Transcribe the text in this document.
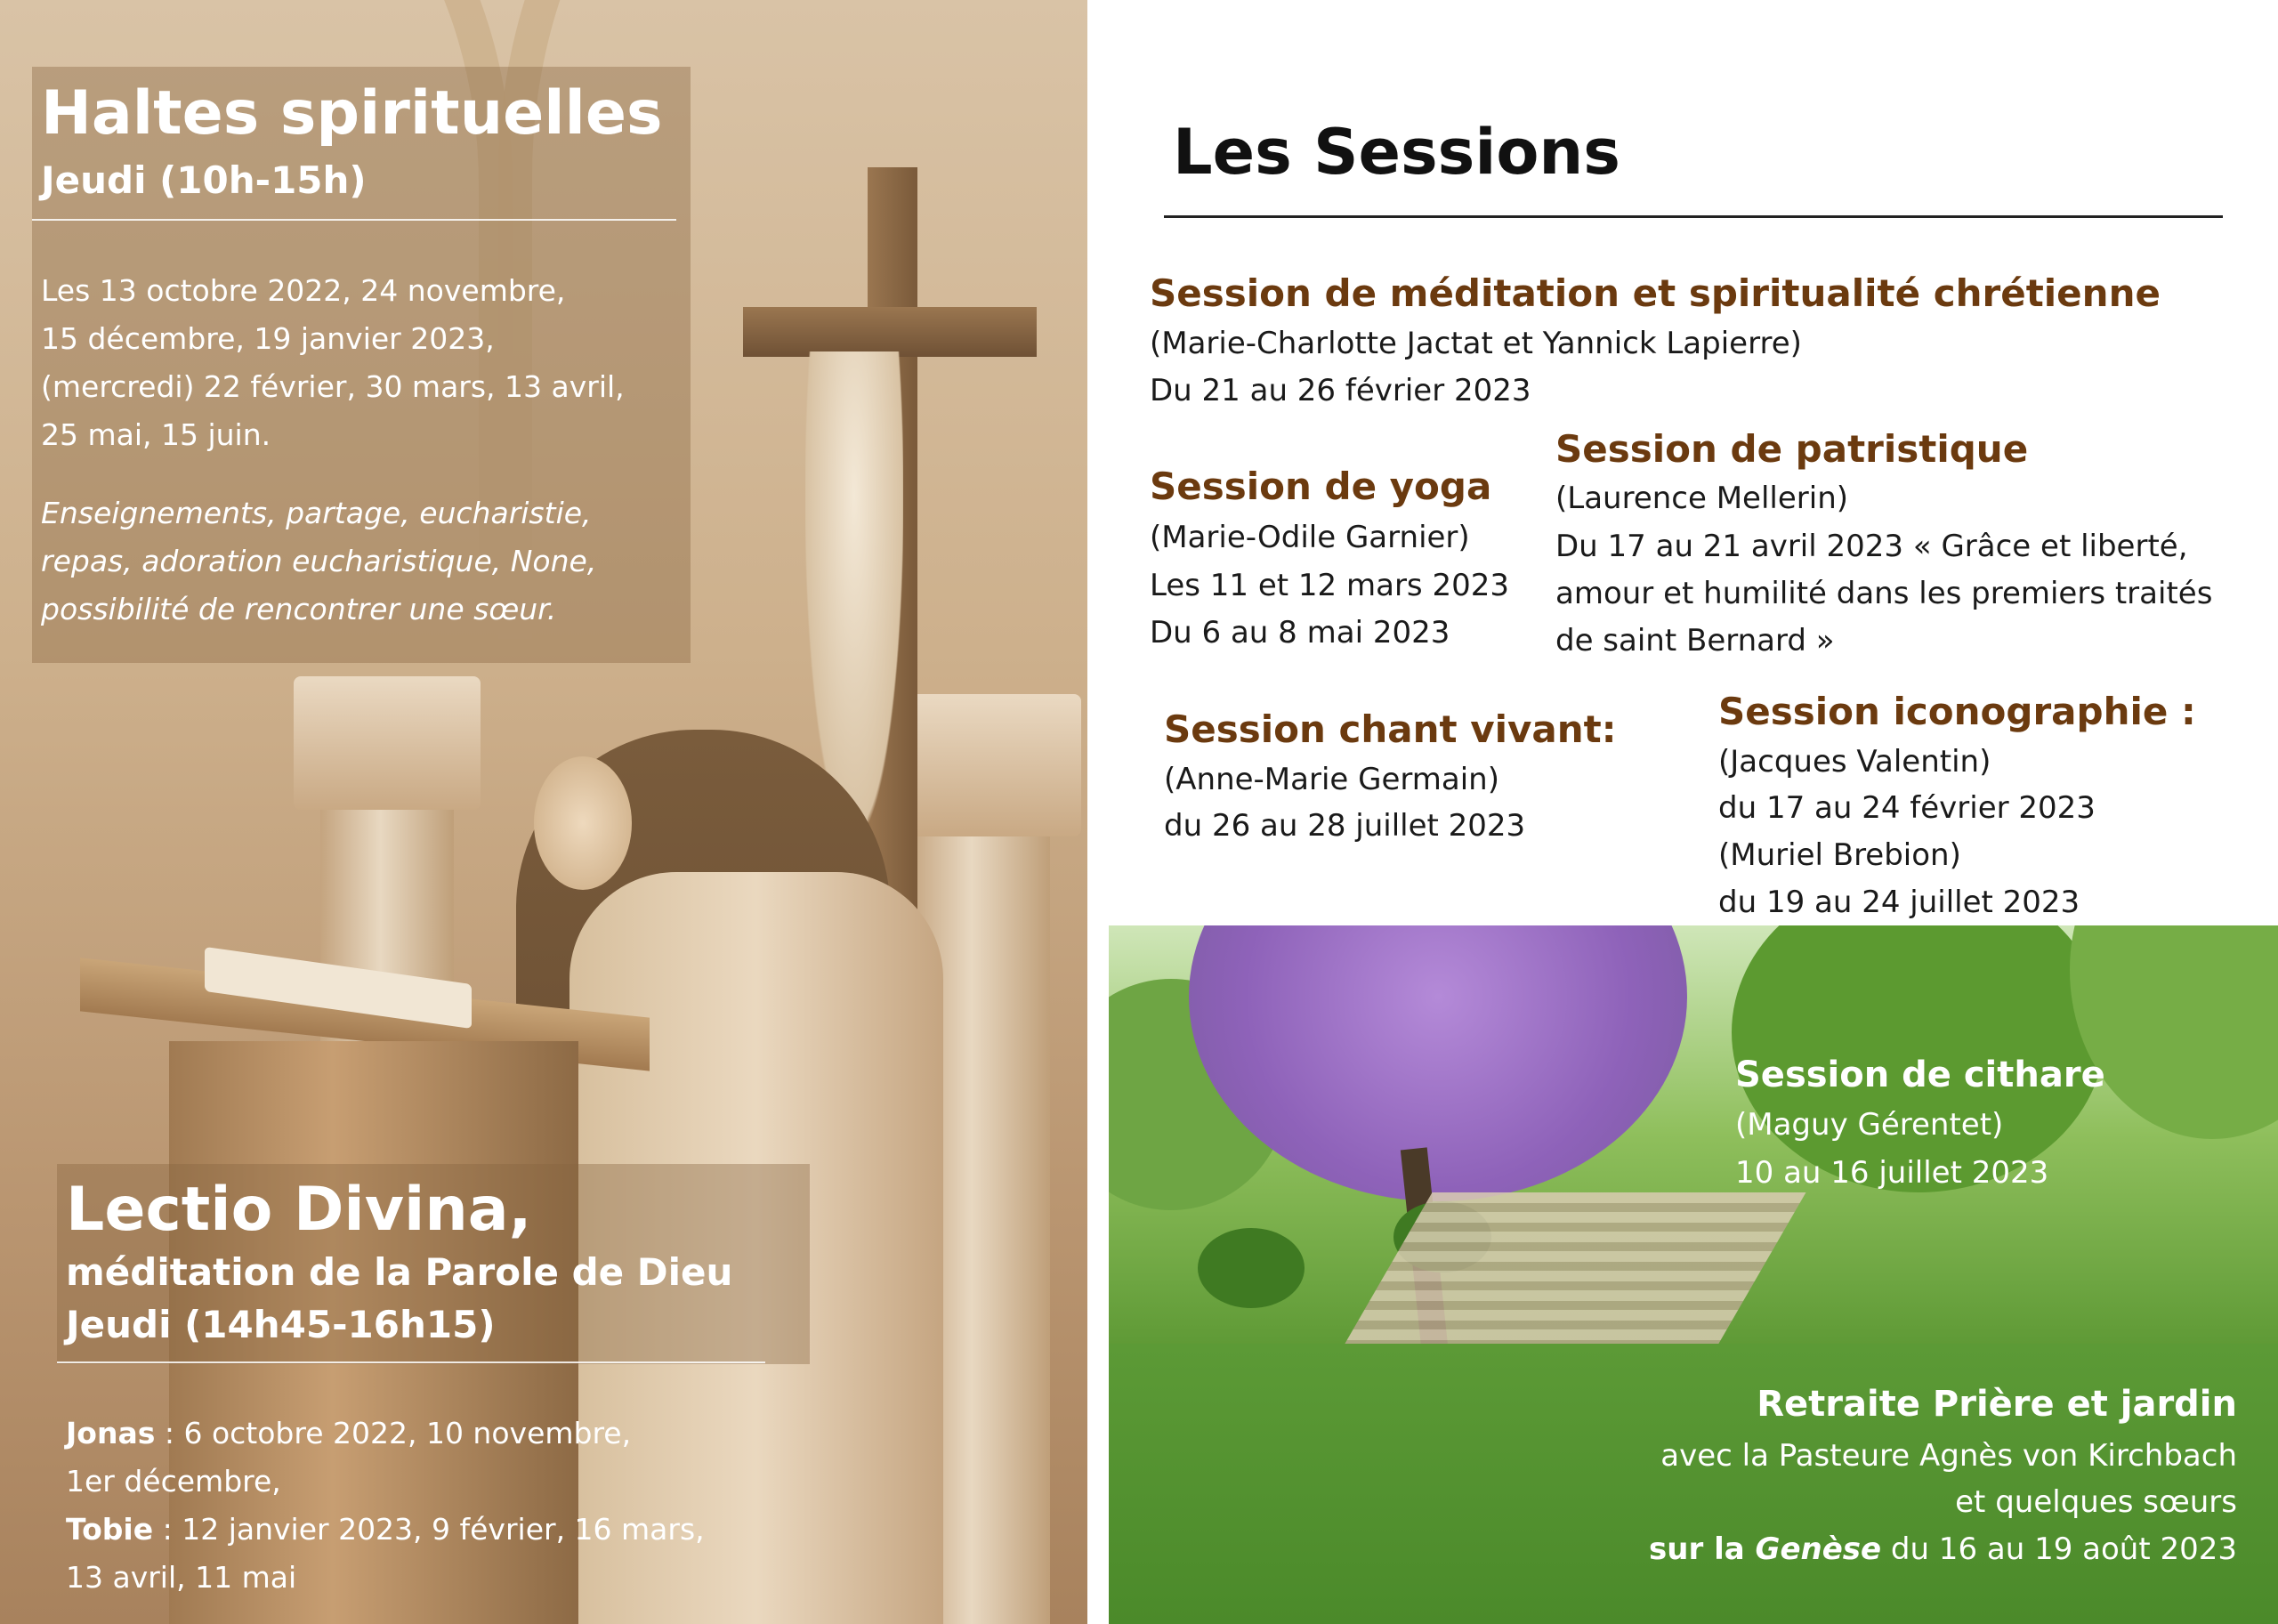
Haltes spirituelles
Jeudi (10h-15h)
Les 13 octobre 2022, 24 novembre,
15 décembre, 19 janvier 2023,
(mercredi) 22 février, 30 mars, 13 avril,
25 mai, 15 juin.
Enseignements, partage, eucharistie,
repas, adoration eucharistique, None,
possibilité de rencontrer une sœur.
Lectio Divina,
méditation de la Parole de Dieu
Jeudi (14h45-16h15)
Jonas : 6 octobre 2022, 10 novembre,
1er décembre,
Tobie : 12 janvier 2023, 9 février, 16 mars,
13 avril, 11 mai
Les Sessions
Session de méditation et spiritualité chrétienne
(Marie-Charlotte Jactat et Yannick Lapierre)
Du 21 au 26 février 2023
Session de patristique
(Laurence Mellerin)
Du 17 au 21 avril 2023 « Grâce et liberté,
amour et humilité dans les premiers traités
de saint Bernard »
Session de yoga
(Marie-Odile Garnier)
Les 11 et 12 mars 2023
Du 6 au 8 mai 2023
Session chant vivant:
(Anne-Marie Germain)
du 26 au 28 juillet 2023
Session iconographie :
(Jacques Valentin)
du 17 au 24 février 2023
(Muriel Brebion)
du 19 au 24 juillet 2023
Session de cithare
(Maguy Gérentet)
10 au 16 juillet 2023
Retraite Prière et jardin
avec la Pasteure Agnès von Kirchbach
et quelques sœurs
sur la Genèse du 16 au 19 août 2023
